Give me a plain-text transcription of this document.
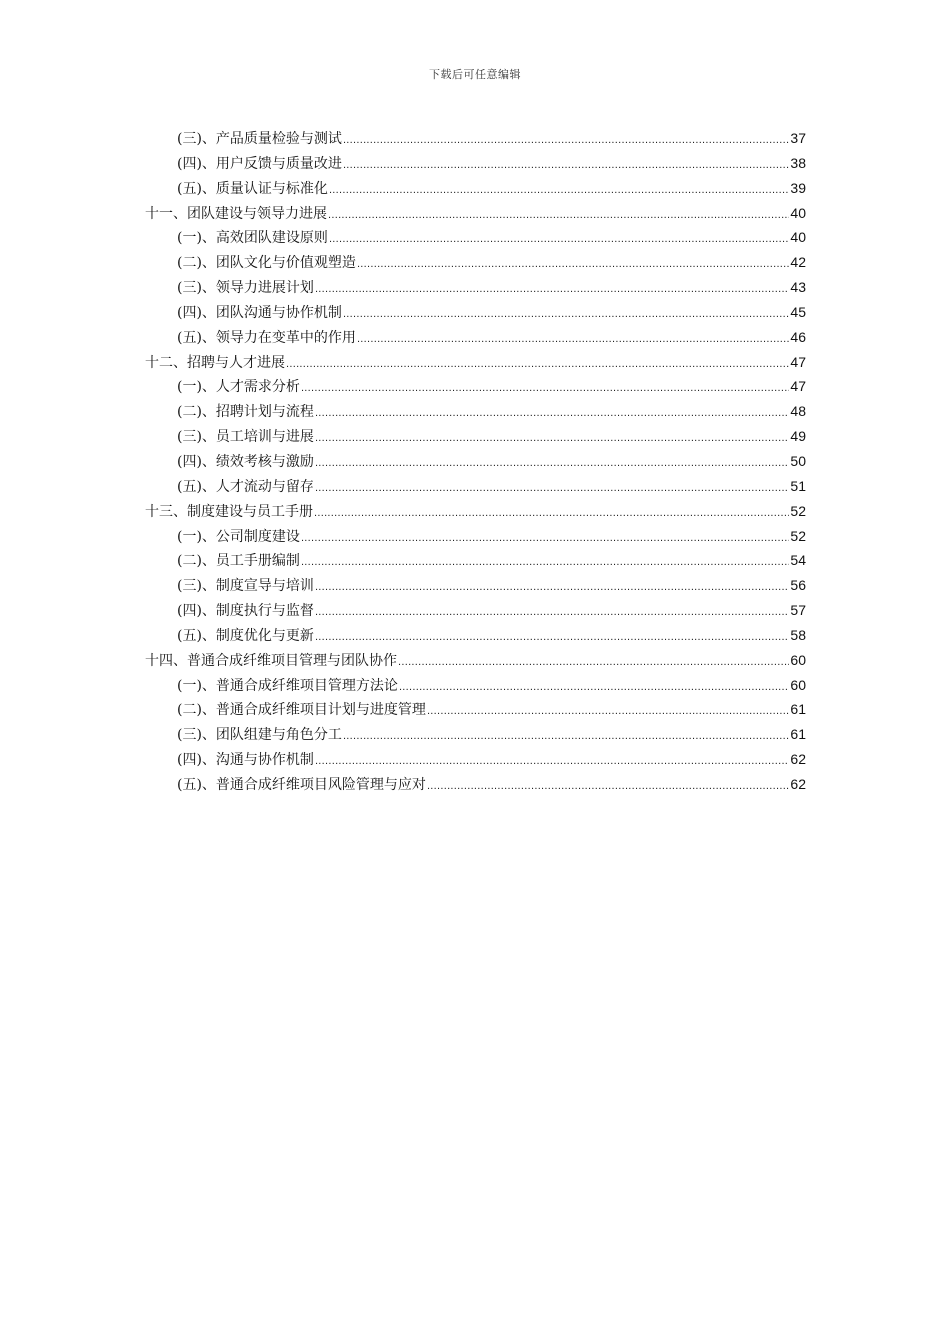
下载后可任意编辑
(三)、产品质量检验与测试 .....	37
(四)、用户反馈与质量改进 .....	38
(五)、质量认证与标准化 .....	39
十一、团队建设与领导力进展 .....	40
(一)、高效团队建设原则 .....	40
(二)、团队文化与价值观塑造 .....	42
(三)、领导力进展计划 .....	43
(四)、团队沟通与协作机制 .....	45
(五)、领导力在变革中的作用 .....	46
十二、招聘与人才进展 .....	47
(一)、人才需求分析 .....	47
(二)、招聘计划与流程 .....	48
(三)、员工培训与进展 .....	49
(四)、绩效考核与激励 .....	50
(五)、人才流动与留存 .....	51
十三、制度建设与员工手册 .....	52
(一)、公司制度建设 .....	52
(二)、员工手册编制 .....	54
(三)、制度宣导与培训 .....	56
(四)、制度执行与监督 .....	57
(五)、制度优化与更新 .....	58
十四、普通合成纤维项目管理与团队协作 .....	60
(一)、普通合成纤维项目管理方法论 .....	60
(二)、普通合成纤维项目计划与进度管理 .....	61
(三)、团队组建与角色分工 .....	61
(四)、沟通与协作机制 .....	62
(五)、普通合成纤维项目风险管理与应对 .....	62
